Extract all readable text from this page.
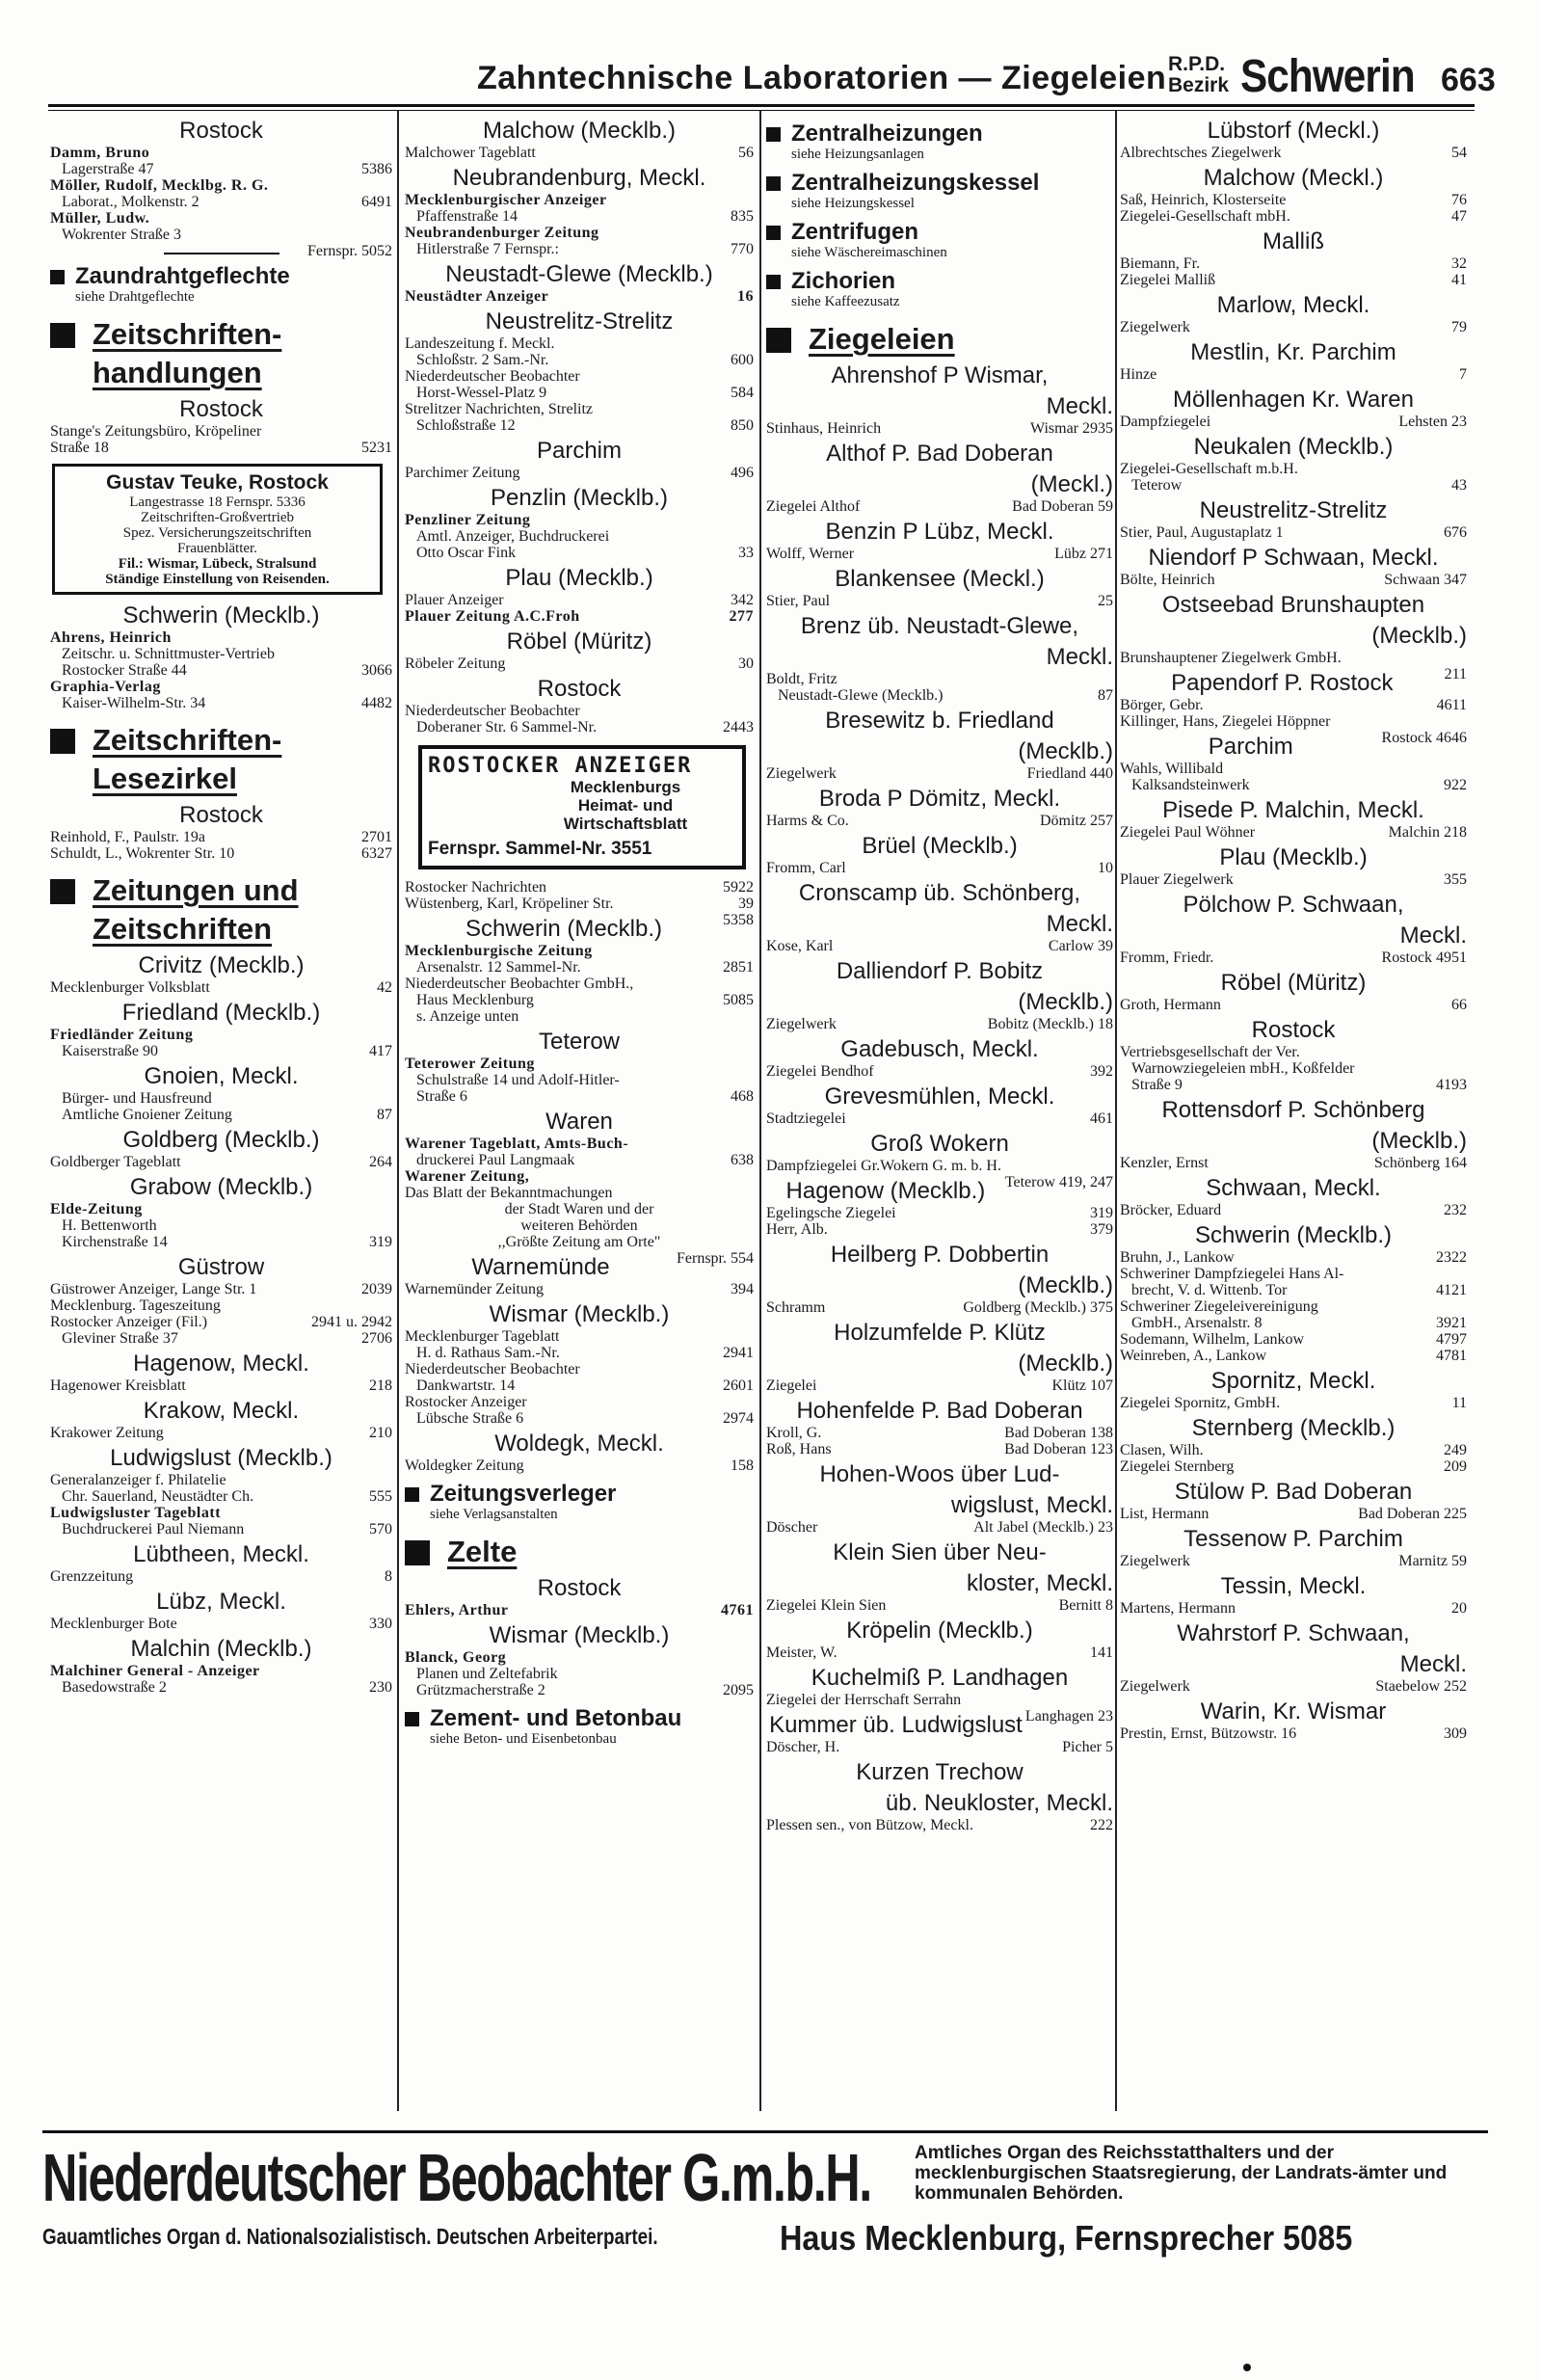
Zahntechnische Laboratorien — Ziegeleien R.P.D.
Bezirk Schwerin 663
Rostock
Damm, Bruno
5386
Lagerstraße 47
Möller, Rudolf, Mecklbg. R. G.
6491
Laborat., Molkenstr. 2
Müller, Ludw.
Wokrenter Straße 3
Fernspr. 5052
Zaundrahtgeflechte
siehe Drahtgeflechte
Zeitschriften-handlungen
Rostock
Stange's Zeitungsbüro, Kröpeliner
5231
Straße 18
Gustav Teuke, Rostock
Langestrasse 18 Fernspr. 5336
Zeitschriften-Großvertrieb
Spez. Versicherungszeitschriften
Frauenblätter.
Fil.: Wismar, Lübeck, Stralsund
Ständige Einstellung von Reisenden.
Schwerin (Mecklb.)
Ahrens, Heinrich
Zeitschr. u. Schnittmuster-Vertrieb
3066
Rostocker Straße 44
Graphia-Verlag
4482
Kaiser-Wilhelm-Str. 34
Zeitschriften-Lesezirkel
Rostock
2701
Reinhold, F., Paulstr. 19a
6327
Schuldt, L., Wokrenter Str. 10
Zeitungen und Zeitschriften
Crivitz (Mecklb.)
42
Mecklenburger Volksblatt
Friedland (Mecklb.)
Friedländer Zeitung
417
Kaiserstraße 90
Gnoien, Meckl.
Bürger- und Hausfreund
87
Amtliche Gnoiener Zeitung
Goldberg (Mecklb.)
264
Goldberger Tageblatt
Grabow (Mecklb.)
Elde-Zeitung
H. Bettenworth
319
Kirchenstraße 14
Güstrow
2039
Güstrower Anzeiger, Lange Str. 1
Mecklenburg. Tageszeitung
2941 u. 2942
Rostocker Anzeiger (Fil.)
2706
Gleviner Straße 37
Hagenow, Meckl.
218
Hagenower Kreisblatt
Krakow, Meckl.
210
Krakower Zeitung
Ludwigslust (Mecklb.)
Generalanzeiger f. Philatelie
555
Chr. Sauerland, Neustädter Ch.
Ludwigsluster Tageblatt
570
Buchdruckerei Paul Niemann
Lübtheen, Meckl.
8
Grenzzeitung
Lübz, Meckl.
330
Mecklenburger Bote
Malchin (Mecklb.)
Malchiner General - Anzeiger
230
Basedowstraße 2
Malchow (Mecklb.)
56
Malchower Tageblatt
Neubrandenburg, Meckl.
Mecklenburgischer Anzeiger
835
Pfaffenstraße 14
Neubrandenburger Zeitung
770
Hitlerstraße 7 Fernspr.:
Neustadt-Glewe (Mecklb.)
16
Neustädter Anzeiger
Neustrelitz-Strelitz
Landeszeitung f. Meckl.
600
Schloßstr. 2 Sam.-Nr.
Niederdeutscher Beobachter
584
Horst-Wessel-Platz 9
Strelitzer Nachrichten, Strelitz
850
Schloßstraße 12
Parchim
496
Parchimer Zeitung
Penzlin (Mecklb.)
Penzliner Zeitung
Amtl. Anzeiger, Buchdruckerei
33
Otto Oscar Fink
Plau (Mecklb.)
342
Plauer Anzeiger
277
Plauer Zeitung A.C.Froh
Röbel (Müritz)
30
Röbeler Zeitung
Rostock
Niederdeutscher Beobachter
2443
Doberaner Str. 6 Sammel-Nr.
ROSTOCKER ANZEIGER
Mecklenburgs
Heimat- und
Wirtschaftsblatt
Fernspr. Sammel-Nr. 3551
5922
Rostocker Nachrichten
39
Wüstenberg, Karl, Kröpeliner Str.
5358
Schwerin (Mecklb.)
Mecklenburgische Zeitung
2851
Arsenalstr. 12 Sammel-Nr.
Niederdeutscher Beobachter GmbH.,
5085
Haus Mecklenburg
s. Anzeige unten
Teterow
Teterower Zeitung
Schulstraße 14 und Adolf-Hitler-
468
Straße 6
Waren
Warener Tageblatt, Amts-Buch-
638
druckerei Paul Langmaak
Warener Zeitung,
Das Blatt der Bekanntmachungen
der Stadt Waren und der
weiteren Behörden
,,Größte Zeitung am Orte"
Fernspr. 554
Warnemünde
394
Warnemünder Zeitung
Wismar (Mecklb.)
Mecklenburger Tageblatt
2941
H. d. Rathaus Sam.-Nr.
Niederdeutscher Beobachter
2601
Dankwartstr. 14
Rostocker Anzeiger
2974
Lübsche Straße 6
Woldegk, Meckl.
158
Woldegker Zeitung
Zeitungsverleger
siehe Verlagsanstalten
Zelte
Rostock
4761
Ehlers, Arthur
Wismar (Mecklb.)
Blanck, Georg
Planen und Zeltefabrik
2095
Grützmacherstraße 2
Zement- und Betonbau
siehe Beton- und Eisenbetonbau
Zentralheizungen
siehe Heizungsanlagen
Zentralheizungskessel
siehe Heizungskessel
Zentrifugen
siehe Wäschereimaschinen
Zichorien
siehe Kaffeezusatz
Ziegeleien
Ahrenshof P Wismar,
Meckl.
Wismar 2935
Stinhaus, Heinrich
Althof P. Bad Doberan
(Meckl.)
Bad Doberan 59
Ziegelei Althof
Benzin P Lübz, Meckl.
Lübz 271
Wolff, Werner
Blankensee (Meckl.)
25
Stier, Paul
Brenz üb. Neustadt-Glewe,
Meckl.
Boldt, Fritz
87
Neustadt-Glewe (Mecklb.)
Bresewitz b. Friedland
(Mecklb.)
Friedland 440
Ziegelwerk
Broda P Dömitz, Meckl.
Dömitz 257
Harms & Co.
Brüel (Mecklb.)
10
Fromm, Carl
Cronscamp üb. Schönberg,
Meckl.
Carlow 39
Kose, Karl
Dalliendorf P. Bobitz
(Mecklb.)
Bobitz (Mecklb.) 18
Ziegelwerk
Gadebusch, Meckl.
392
Ziegelei Bendhof
Grevesmühlen, Meckl.
461
Stadtziegelei
Groß Wokern
Dampfziegelei Gr.Wokern G. m. b. H.
Teterow 419, 247
Hagenow (Mecklb.)
319
Egelingsche Ziegelei
379
Herr, Alb.
Heilberg P. Dobbertin
(Mecklb.)
Goldberg (Mecklb.) 375
Schramm
Holzumfelde P. Klütz
(Mecklb.)
Klütz 107
Ziegelei
Hohenfelde P. Bad Doberan
Bad Doberan 138
Kroll, G.
Bad Doberan 123
Roß, Hans
Hohen-Woos über Lud-
wigslust, Meckl.
Alt Jabel (Mecklb.) 23
Döscher
Klein Sien über Neu-
kloster, Meckl.
Bernitt 8
Ziegelei Klein Sien
Kröpelin (Mecklb.)
141
Meister, W.
Kuchelmiß P. Landhagen
Ziegelei der Herrschaft Serrahn
Langhagen 23
Kummer üb. Ludwigslust
Picher 5
Döscher, H.
Kurzen Trechow
üb. Neukloster, Meckl.
222
Plessen sen., von Bützow, Meckl.
Lübstorf (Meckl.)
54
Albrechtsches Ziegelwerk
Malchow (Meckl.)
76
Saß, Heinrich, Klosterseite
47
Ziegelei-Gesellschaft mbH.
Malliß
32
Biemann, Fr.
41
Ziegelei Malliß
Marlow, Meckl.
79
Ziegelwerk
Mestlin, Kr. Parchim
7
Hinze
Möllenhagen Kr. Waren
Lehsten 23
Dampfziegelei
Neukalen (Mecklb.)
Ziegelei-Gesellschaft m.b.H.
43
Teterow
Neustrelitz-Strelitz
676
Stier, Paul, Augustaplatz 1
Niendorf P Schwaan, Meckl.
Schwaan 347
Bölte, Heinrich
Ostseebad Brunshaupten
(Mecklb.)
Brunshauptener Ziegelwerk GmbH.
211
Papendorf P. Rostock
4611
Börger, Gebr.
Killinger, Hans, Ziegelei Höppner
Rostock 4646
Parchim
Wahls, Willibald
922
Kalksandsteinwerk
Pisede P. Malchin, Meckl.
Malchin 218
Ziegelei Paul Wöhner
Plau (Mecklb.)
355
Plauer Ziegelwerk
Pölchow P. Schwaan,
Meckl.
Rostock 4951
Fromm, Friedr.
Röbel (Müritz)
66
Groth, Hermann
Rostock
Vertriebsgesellschaft der Ver.
Warnowziegeleien mbH., Koßfelder
4193
Straße 9
Rottensdorf P. Schönberg
(Mecklb.)
Schönberg 164
Kenzler, Ernst
Schwaan, Meckl.
232
Bröcker, Eduard
Schwerin (Mecklb.)
2322
Bruhn, J., Lankow
Schweriner Dampfziegelei Hans Al-
4121
brecht, V. d. Wittenb. Tor
Schweriner Ziegeleivereinigung
3921
GmbH., Arsenalstr. 8
4797
Sodemann, Wilhelm, Lankow
4781
Weinreben, A., Lankow
Spornitz, Meckl.
11
Ziegelei Spornitz, GmbH.
Sternberg (Mecklb.)
249
Clasen, Wilh.
209
Ziegelei Sternberg
Stülow P. Bad Doberan
Bad Doberan 225
List, Hermann
Tessenow P. Parchim
Marnitz 59
Ziegelwerk
Tessin, Meckl.
20
Martens, Hermann
Wahrstorf P. Schwaan,
Meckl.
Staebelow 252
Ziegelwerk
Warin, Kr. Wismar
309
Prestin, Ernst, Bützowstr. 16
Niederdeutscher Beobachter G.m.b.H. Amtliches Organ des Reichsstatthalters und der mecklenburgischen Staatsregierung, der Landrats-ämter und kommunalen Behörden.
Gauamtliches Organ d. Nationalsozialistisch. Deutschen Arbeiterpartei.	Haus Mecklenburg, Fernsprecher 5085
